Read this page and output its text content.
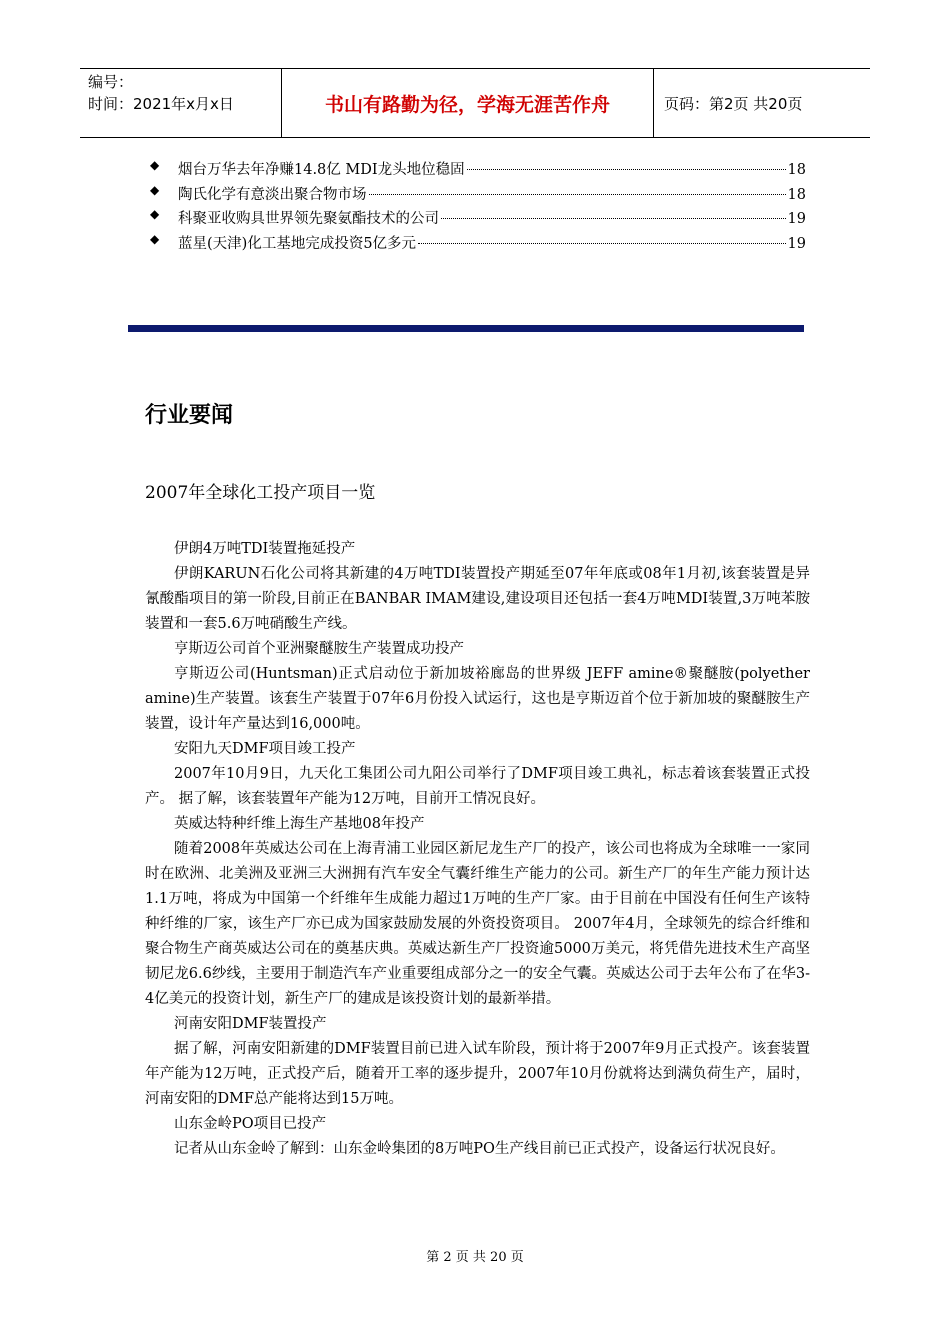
编号：
时间：2021年x月x日	书山有路勤为径，学海无涯苦作舟	页码：第2页 共20页
◆ 烟台万华去年净赚14.8亿 MDI龙头地位稳固	18
◆ 陶氏化学有意淡出聚合物市场	18
◆ 科聚亚收购具世界领先聚氨酯技术的公司	19
◆ 蓝星(天津)化工基地完成投资5亿多元	19
行业要闻
2007年全球化工投产项目一览

伊朗4万吨TDI装置拖延投产

伊朗KARUN石化公司将其新建的4万吨TDI装置投产期延至07年年底或08年1月初,该套装置是异氰酸酯项目的第一阶段,目前正在BANBAR IMAM建设,建设项目还包括一套4万吨MDI装置,3万吨苯胺装置和一套5.6万吨硝酸生产线。

亨斯迈公司首个亚洲聚醚胺生产装置成功投产

亨斯迈公司(Huntsman)正式启动位于新加坡裕廊岛的世界级 JEFF amine®聚醚胺(polyether amine)生产装置。该套生产装置于07年6月份投入试运行，这也是亨斯迈首个位于新加坡的聚醚胺生产装置，设计年产量达到16,000吨。

安阳九天DMF项目竣工投产

2007年10月9日，九天化工集团公司九阳公司举行了DMF项目竣工典礼，标志着该套装置正式投产。 据了解，该套装置年产能为12万吨，目前开工情况良好。

英威达特种纤维上海生产基地08年投产

随着2008年英威达公司在上海青浦工业园区新尼龙生产厂的投产，该公司也将成为全球唯一一家同时在欧洲、北美洲及亚洲三大洲拥有汽车安全气囊纤维生产能力的公司。新生产厂的年生产能力预计达1.1万吨，将成为中国第一个纤维年生成能力超过1万吨的生产厂家。由于目前在中国没有任何生产该特种纤维的厂家，该生产厂亦已成为国家鼓励发展的外资投资项目。 2007年4月，全球领先的综合纤维和聚合物生产商英威达公司在的奠基庆典。英威达新生产厂投资逾5000万美元，将凭借先进技术生产高坚韧尼龙6.6纱线，主要用于制造汽车产业重要组成部分之一的安全气囊。英威达公司于去年公布了在华3-4亿美元的投资计划，新生产厂的建成是该投资计划的最新举措。

河南安阳DMF装置投产

据了解，河南安阳新建的DMF装置目前已进入试车阶段，预计将于2007年9月正式投产。该套装置年产能为12万吨，正式投产后，随着开工率的逐步提升，2007年10月份就将达到满负荷生产，届时，河南安阳的DMF总产能将达到15万吨。

山东金岭PO项目已投产

记者从山东金岭了解到：山东金岭集团的8万吨PO生产线目前已正式投产，设备运行状况良好。

第 2 页 共 20 页
